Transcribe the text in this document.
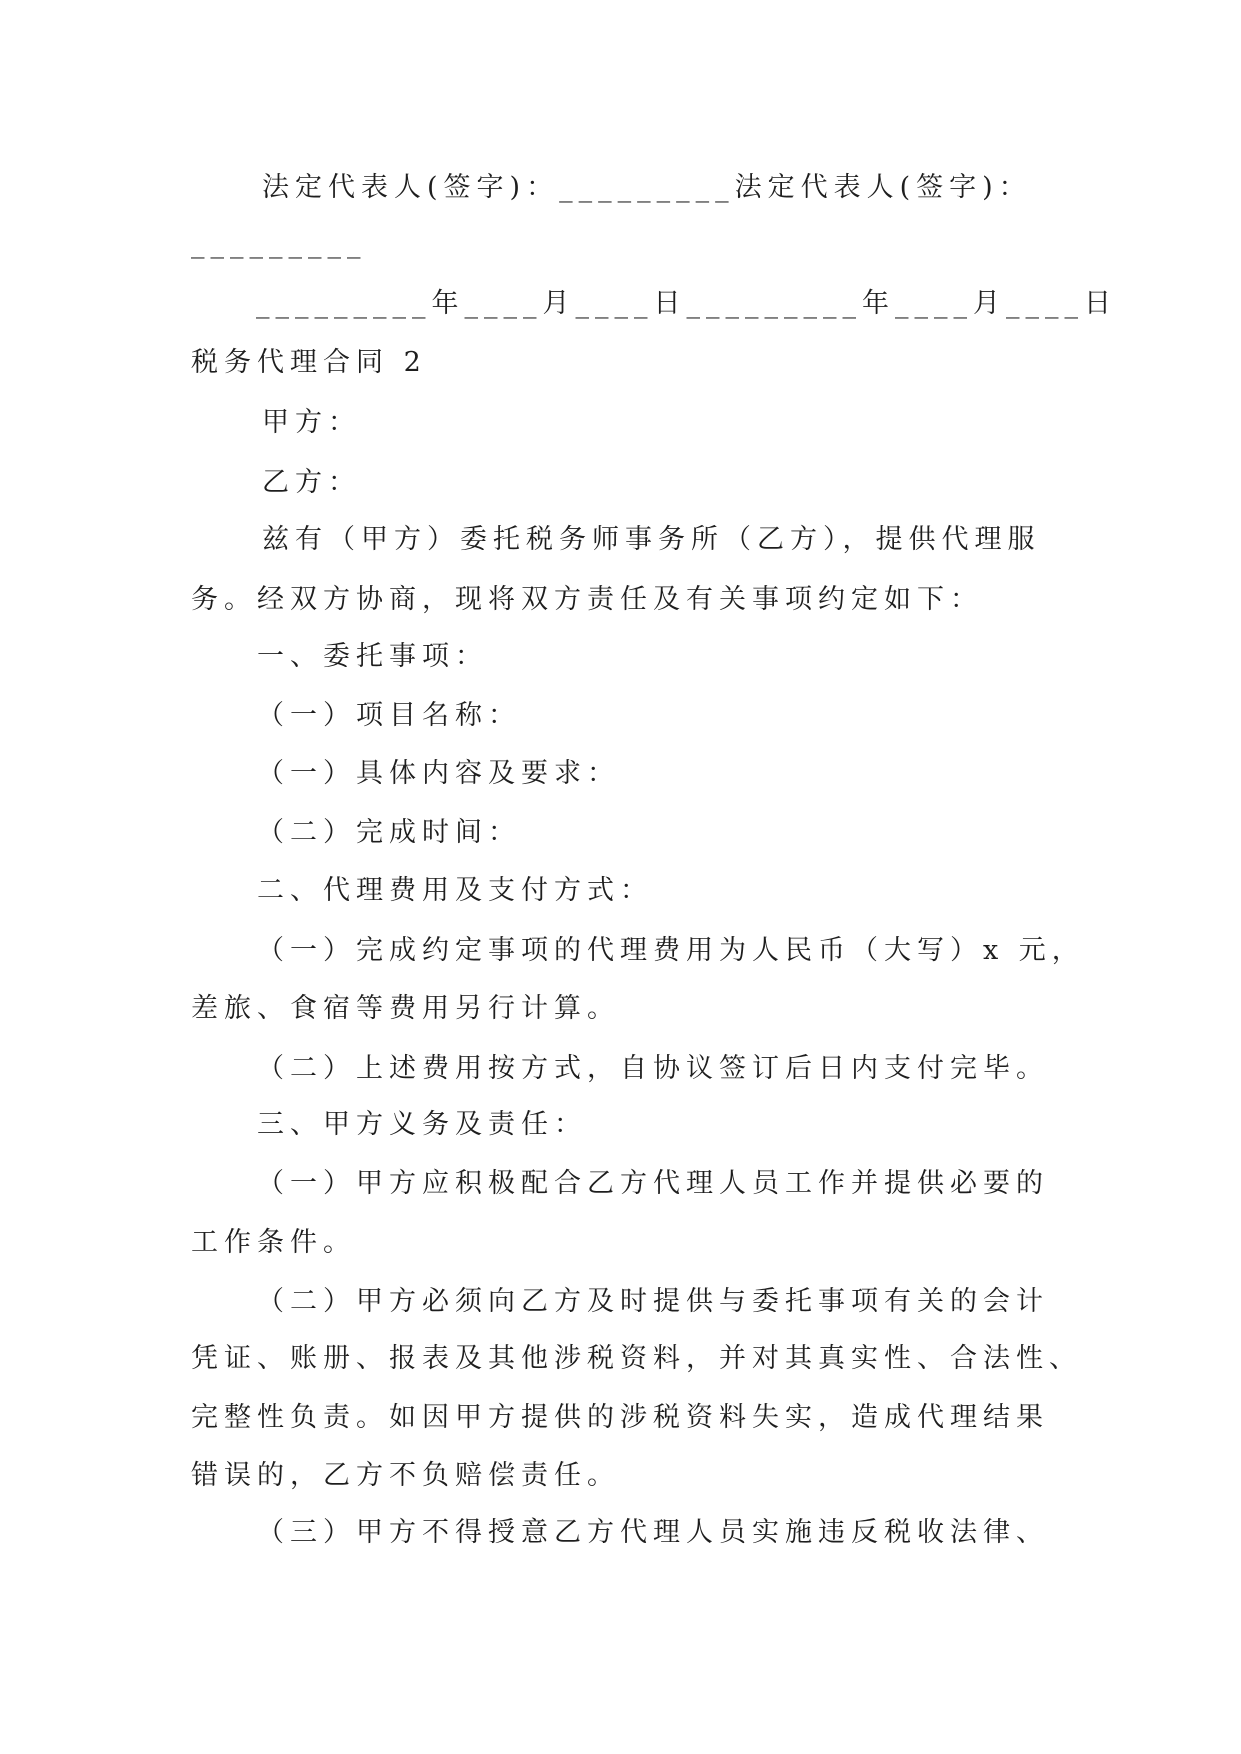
法定代表人(签字)：_________法定代表人(签字)：
_________
_________年____月____日_________年____月____日
税务代理合同 2
甲方：
乙方：
兹有（甲方）委托税务师事务所（乙方），提供代理服
务。经双方协商，现将双方责任及有关事项约定如下：
一、委托事项：
（一）项目名称：
（一）具体内容及要求：
（二）完成时间：
二、代理费用及支付方式：
（一）完成约定事项的代理费用为人民币（大写）x 元，
差旅、食宿等费用另行计算。
（二）上述费用按方式，自协议签订后日内支付完毕。
三、甲方义务及责任：
（一）甲方应积极配合乙方代理人员工作并提供必要的
工作条件。
（二）甲方必须向乙方及时提供与委托事项有关的会计
凭证、账册、报表及其他涉税资料，并对其真实性、合法性、
完整性负责。如因甲方提供的涉税资料失实，造成代理结果
错误的，乙方不负赔偿责任。
（三）甲方不得授意乙方代理人员实施违反税收法律、
